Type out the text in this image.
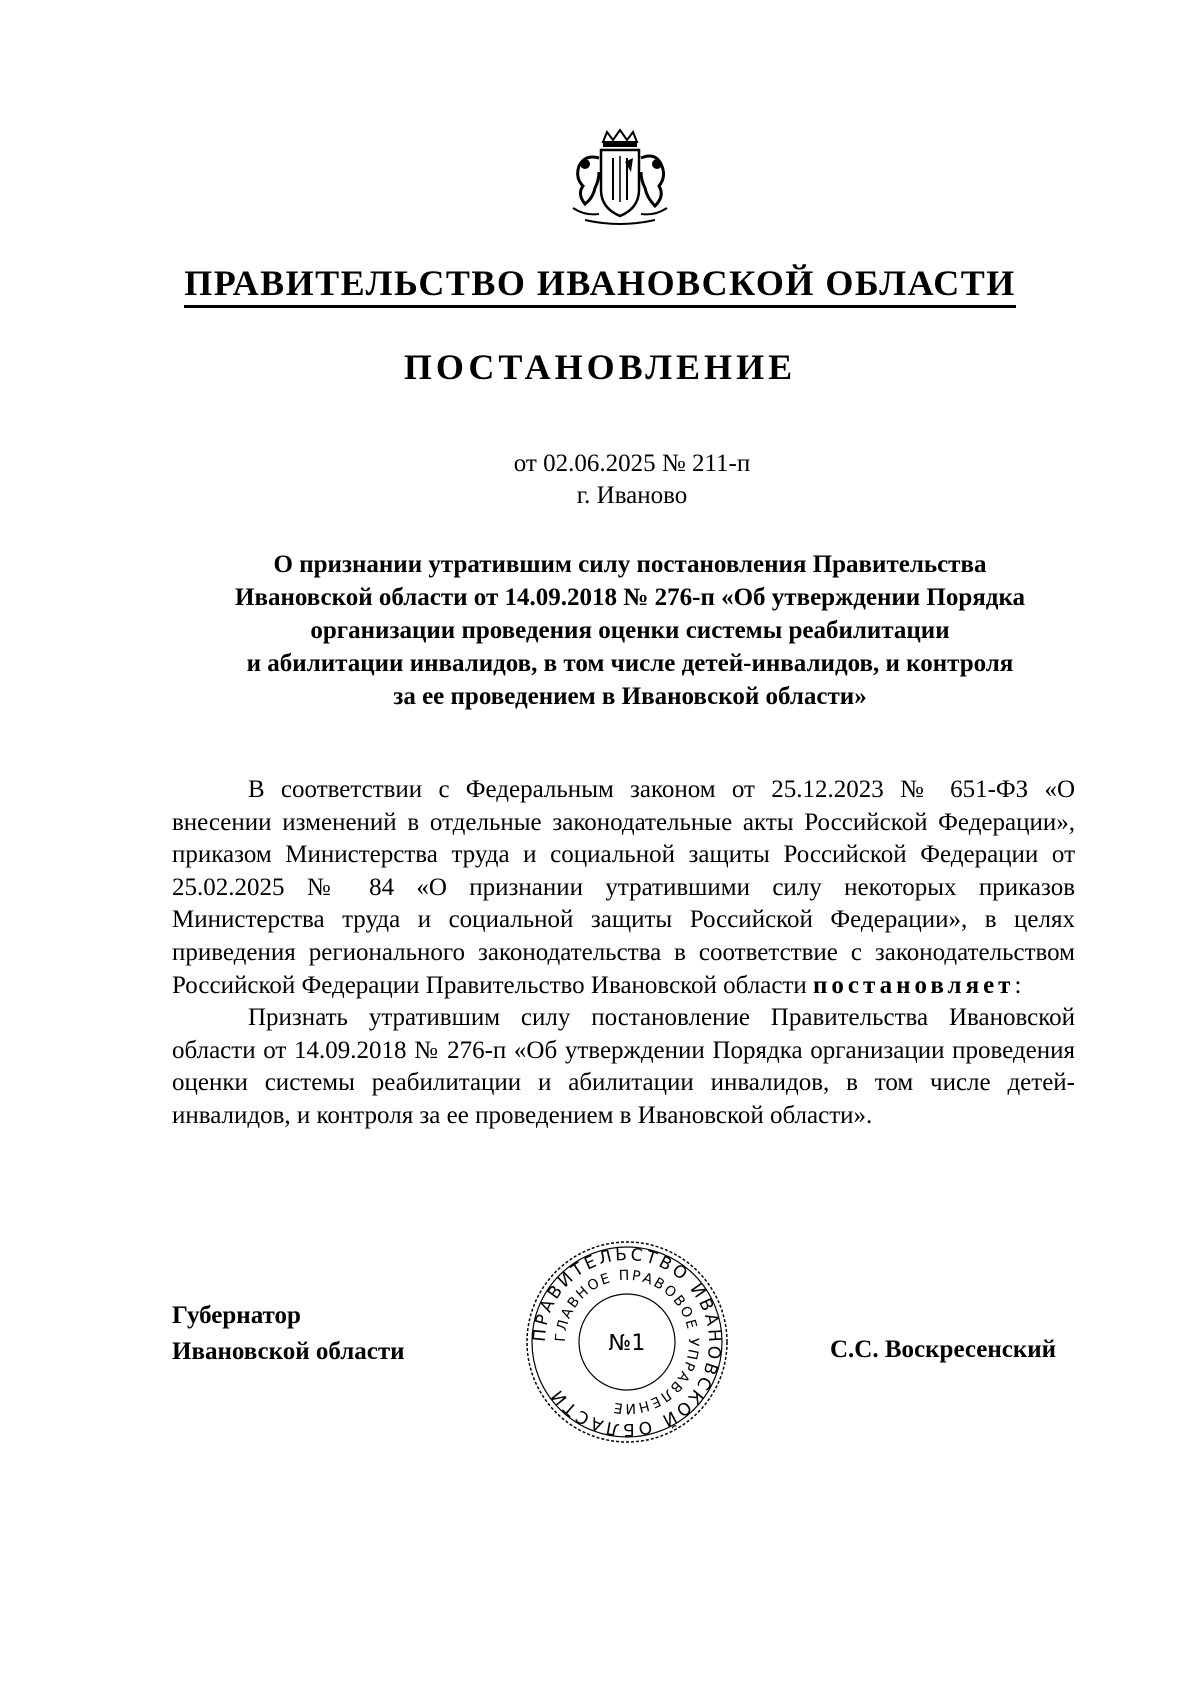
ПРАВИТЕЛЬСТВО ИВАНОВСКОЙ ОБЛАСТИ
ПОСТАНОВЛЕНИЕ
от 02.06.2025 № 211-п
г. Иваново
О признании утратившим силу постановления Правительства
Ивановской области от 14.09.2018 № 276-п «Об утверждении Порядка
организации проведения оценки системы реабилитации
и абилитации инвалидов, в том числе детей-инвалидов, и контроля
за ее проведением в Ивановской области»

В соответствии с Федеральным законом от 25.12.2023 № 651-ФЗ «О внесении изменений в отдельные законодательные акты Российской Федерации», приказом Министерства труда и социальной защиты Российской Федерации от 25.02.2025 № 84 «О признании утратившими силу некоторых приказов Министерства труда и социальной защиты Российской Федерации», в целях приведения регионального законодательства в соответствие с законодательством Российской Федерации Правительство Ивановской области постановляет:

Признать утратившим силу постановление Правительства Ивановской области от 14.09.2018 № 276-п «Об утверждении Порядка организации проведения оценки системы реабилитации и абилитации инвалидов, в том числе детей-инвалидов, и контроля за ее проведением в Ивановской области».

Губернатор
Ивановской области
ПРАВИТЕЛЬСТВО ИВАНОВСКОЙ ОБЛАСТИ
ГЛАВНОЕ ПРАВОВОЕ УПРАВЛЕНИЕ
№1	С.С. Воскресенский
